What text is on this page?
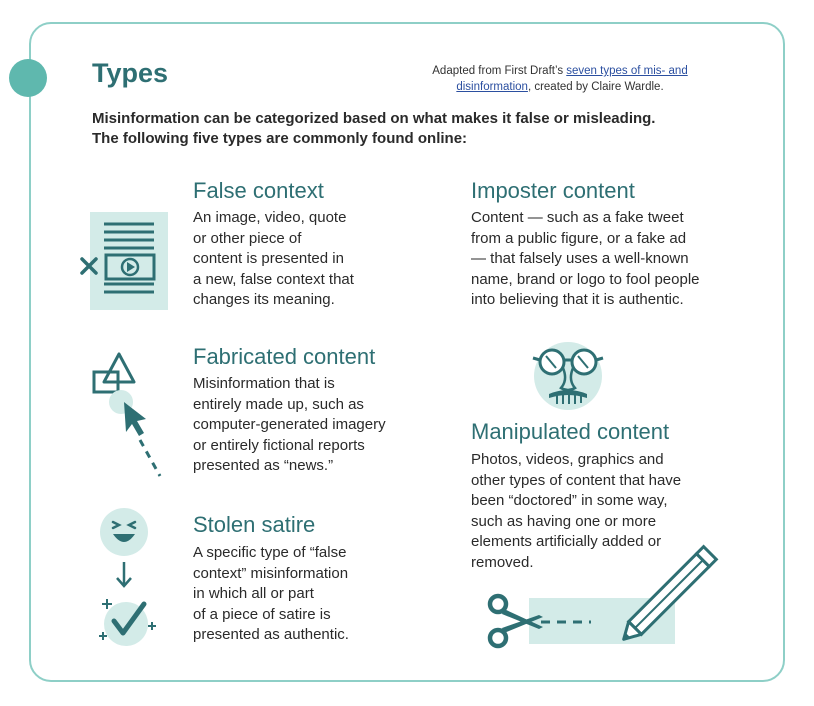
Types	Adapted from First Draft’s seven types of mis- and disinformation, created by Claire Wardle.

Misinformation can be categorized based on what makes it false or misleading.
The following five types are commonly found online:

False context

An image, video, quote
or other piece of
content is presented in
a new, false context that
changes its meaning.

Imposter content

Content — such as a fake tweet
from a public figure, or a fake ad
— that falsely uses a well-known
name, brand or logo to fool people
into believing that it is authentic.

Fabricated content

Misinformation that is
entirely made up, such as
computer-generated imagery
or entirely fictional reports
presented as “news.”

Manipulated content

Photos, videos, graphics and
other types of content that have
been “doctored” in some way,
such as having one or more
elements artificially added or
removed.

Stolen satire

A specific type of “false
context” misinformation
in which all or part
of a piece of satire is
presented as authentic.
